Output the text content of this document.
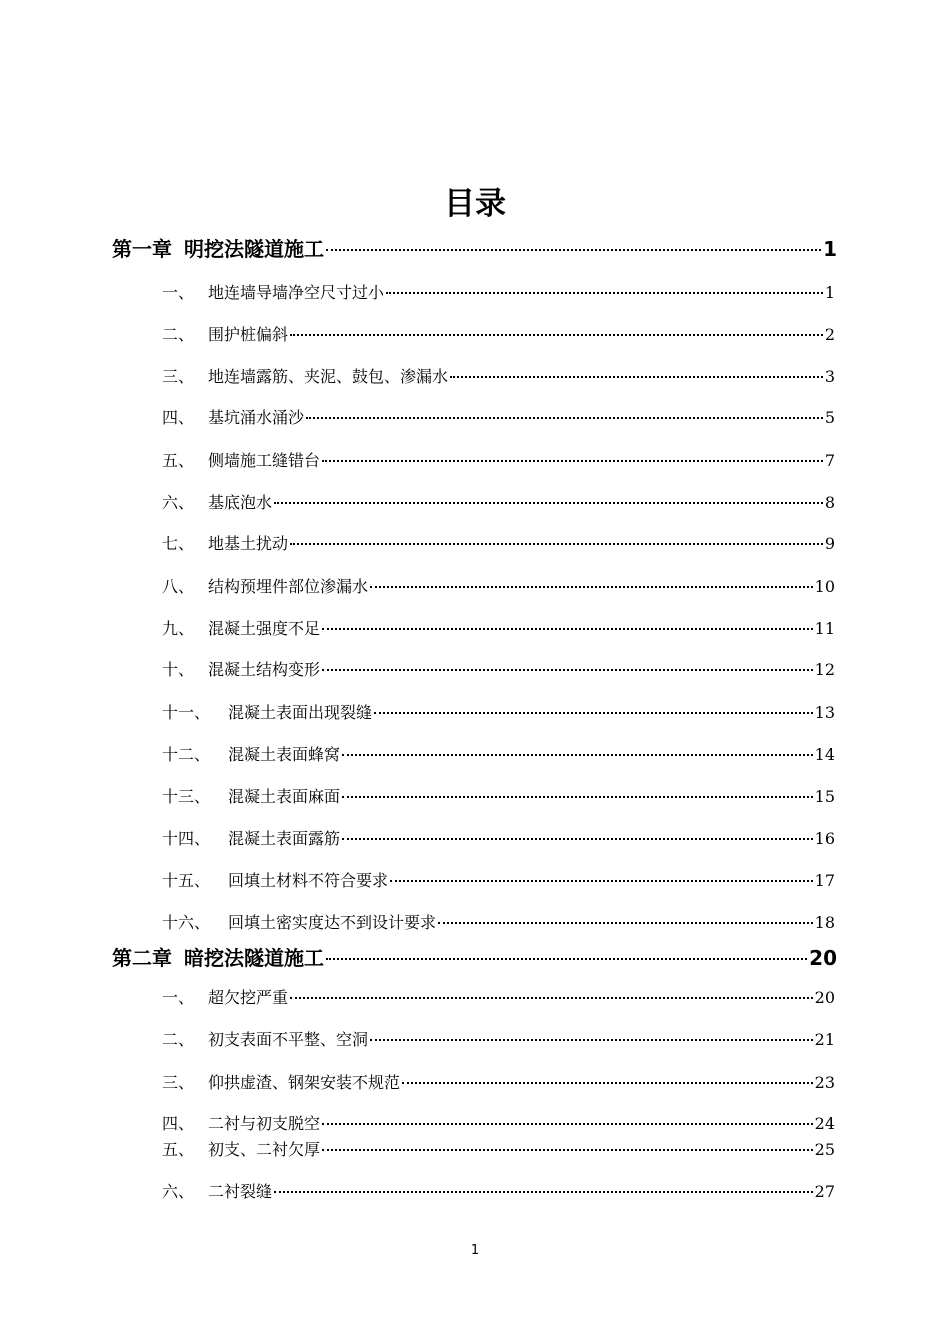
目录
第一章 明挖法隧道施工	1
一、 地连墙导墙净空尺寸过小	1
二、 围护桩偏斜	2
三、 地连墙露筋、夹泥、鼓包、渗漏水	3
四、 基坑涌水涌沙	5
五、 侧墙施工缝错台	7
六、 基底泡水	8
七、 地基土扰动	9
八、 结构预埋件部位渗漏水	10
九、 混凝土强度不足	11
十、 混凝土结构变形	12
十一、	混凝土表面出现裂缝	13
十二、	混凝土表面蜂窝	14
十三、	混凝土表面麻面	15
十四、	混凝土表面露筋	16
十五、	回填土材料不符合要求	17
十六、	回填土密实度达不到设计要求	18
第二章 暗挖法隧道施工	20
一、 超欠挖严重	20
二、 初支表面不平整、空洞	21
三、 仰拱虚渣、钢架安装不规范	23
四、 二衬与初支脱空	24
五、 初支、二衬欠厚	25
六、 二衬裂缝	27
1
